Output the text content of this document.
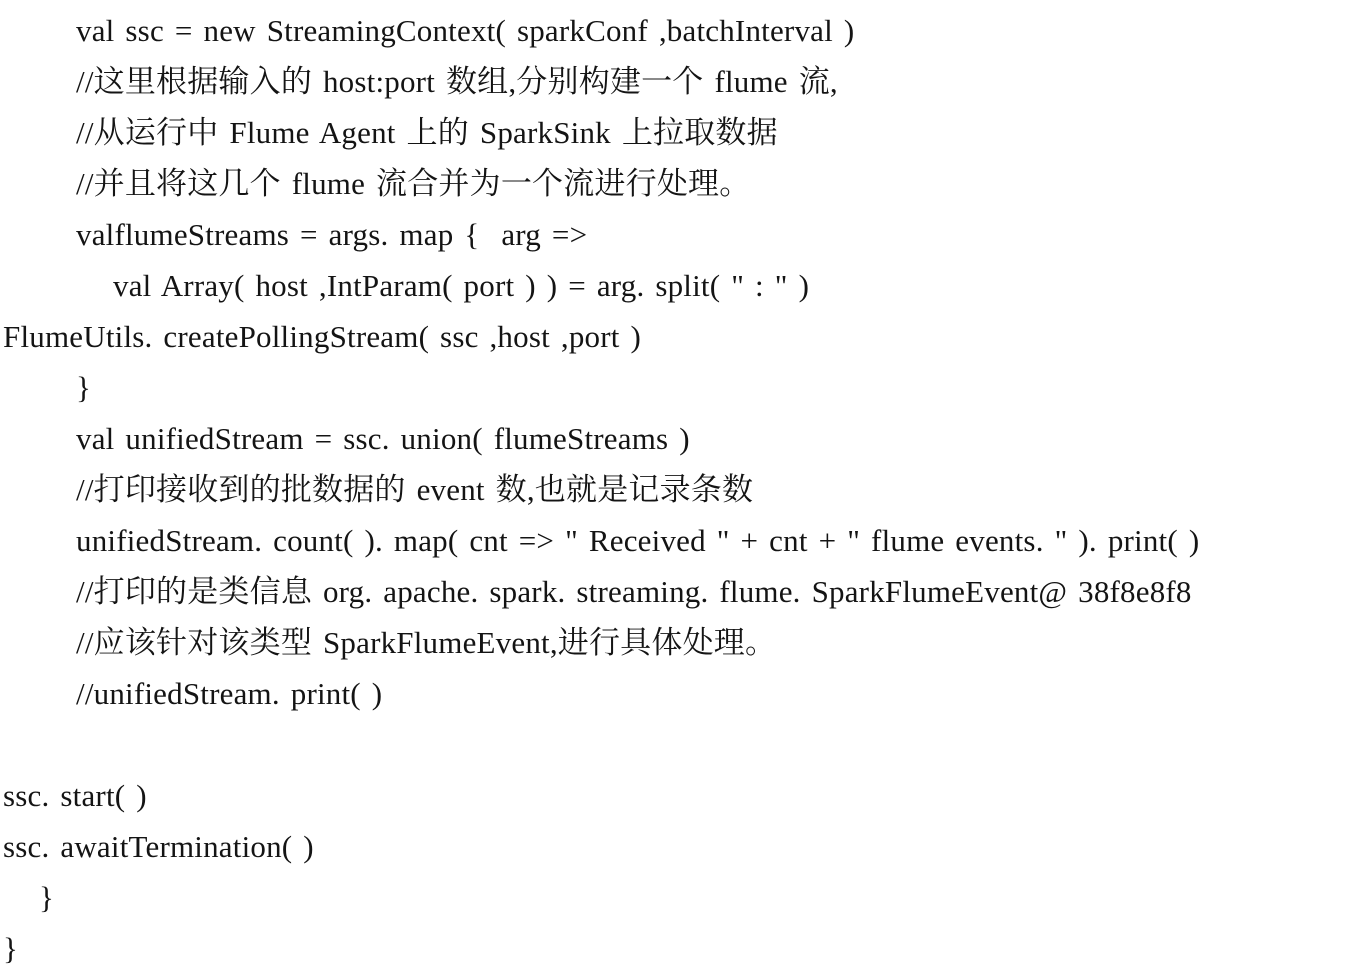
val ssc = new StreamingContext( sparkConf ,batchInterval )
//这里根据输入的 host:port 数组,分别构建一个 flume 流,
//从运行中 Flume Agent 上的 SparkSink 上拉取数据
//并且将这几个 flume 流合并为一个流进行处理。
valflumeStreams = args. map {  arg =>
val Array( host ,IntParam( port ) ) = arg. split( " : " )
FlumeUtils. createPollingStream( ssc ,host ,port )
}
val unifiedStream = ssc. union( flumeStreams )
//打印接收到的批数据的 event 数,也就是记录条数
unifiedStream. count( ). map( cnt => " Received " + cnt + " flume events. " ). print( )
//打印的是类信息 org. apache. spark. streaming. flume. SparkFlumeEvent@ 38f8e8f8
//应该针对该类型 SparkFlumeEvent,进行具体处理。
//unifiedStream. print( )
ssc. start( )
ssc. awaitTermination( )
}
}
